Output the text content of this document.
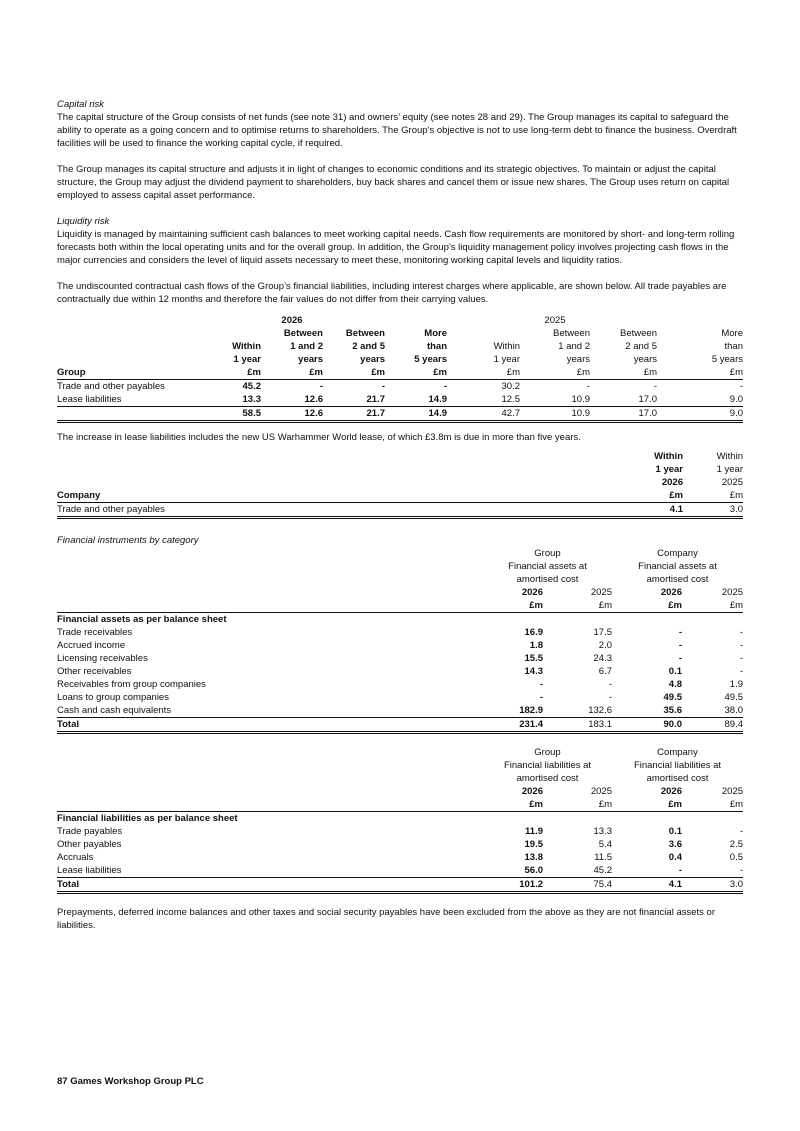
Capital risk

The capital structure of the Group consists of net funds (see note 31) and owners’ equity (see notes 28 and 29). The Group manages its capital to safeguard the ability to operate as a going concern and to optimise returns to shareholders. The Group’s objective is not to use long-term debt to finance the business. Overdraft facilities will be used to finance the working capital cycle, if required.

The Group manages its capital structure and adjusts it in light of changes to economic conditions and its strategic objectives. To maintain or adjust the capital structure, the Group may adjust the dividend payment to shareholders, buy back shares and cancel them or issue new shares. The Group uses return on capital employed to assess capital asset performance.

Liquidity risk

Liquidity is managed by maintaining sufficient cash balances to meet working capital needs. Cash flow requirements are monitored by short- and long-term rolling forecasts both within the local operating units and for the overall group. In addition, the Group’s liquidity management policy involves projecting cash flows in the major currencies and considers the level of liquid assets necessary to meet these, monitoring working capital levels and liquidity ratios.

The undiscounted contractual cash flows of the Group’s financial liabilities, including interest charges where applicable, are shown below. All trade payables are contractually due within 12 months and therefore the fair values do not differ from their carrying values.

		2026				2025		
		Between	Between	More		Between	Between	More
	Within	1 and 2	2 and 5	than	Within	1 and 2	2 and 5	than
	1 year	years	years	5 years	1 year	years	years	5 years
Group	£m	£m	£m	£m	£m	£m	£m	£m
Trade and other payables	45.2	-	-	-	30.2	-	-	-
Lease liabilities	13.3	12.6	21.7	14.9	12.5	10.9	17.0	9.0
	58.5	12.6	21.7	14.9	42.7	10.9	17.0	9.0

The increase in lease liabilities includes the new US Warhammer World lease, of which £3.8m is due in more than five years.

	Within	Within
	1 year	1 year
	2026	2025
Company	£m	£m
Trade and other payables	4.1	3.0

Financial instruments by category

	Group		Company	
	Financial assets at		Financial assets at	
	amortised cost		amortised cost	
	2026	2025	2026	2025
	£m	£m	£m	£m
Financial assets as per balance sheet				
Trade receivables	16.9	17.5	-	-
Accrued income	1.8	2.0	-	-
Licensing receivables	15.5	24.3	-	-
Other receivables	14.3	6.7	0.1	-
Receivables from group companies	-	-	4.8	1.9
Loans to group companies	-	-	49.5	49.5
Cash and cash equivalents	182.9	132.6	35.6	38.0
Total	231.4	183.1	90.0	89.4
	Group		Company	
	Financial liabilities at		Financial liabilities at	
	amortised cost		amortised cost	
	2026	2025	2026	2025
	£m	£m	£m	£m
Financial liabilities as per balance sheet				
Trade payables	11.9	13.3	0.1	-
Other payables	19.5	5.4	3.6	2.5
Accruals	13.8	11.5	0.4	0.5
Lease liabilities	56.0	45.2	-	-
Total	101.2	75.4	4.1	3.0

Prepayments, deferred income balances and other taxes and social security payables have been excluded from the above as they are not financial assets or liabilities.

87 Games Workshop Group PLC
